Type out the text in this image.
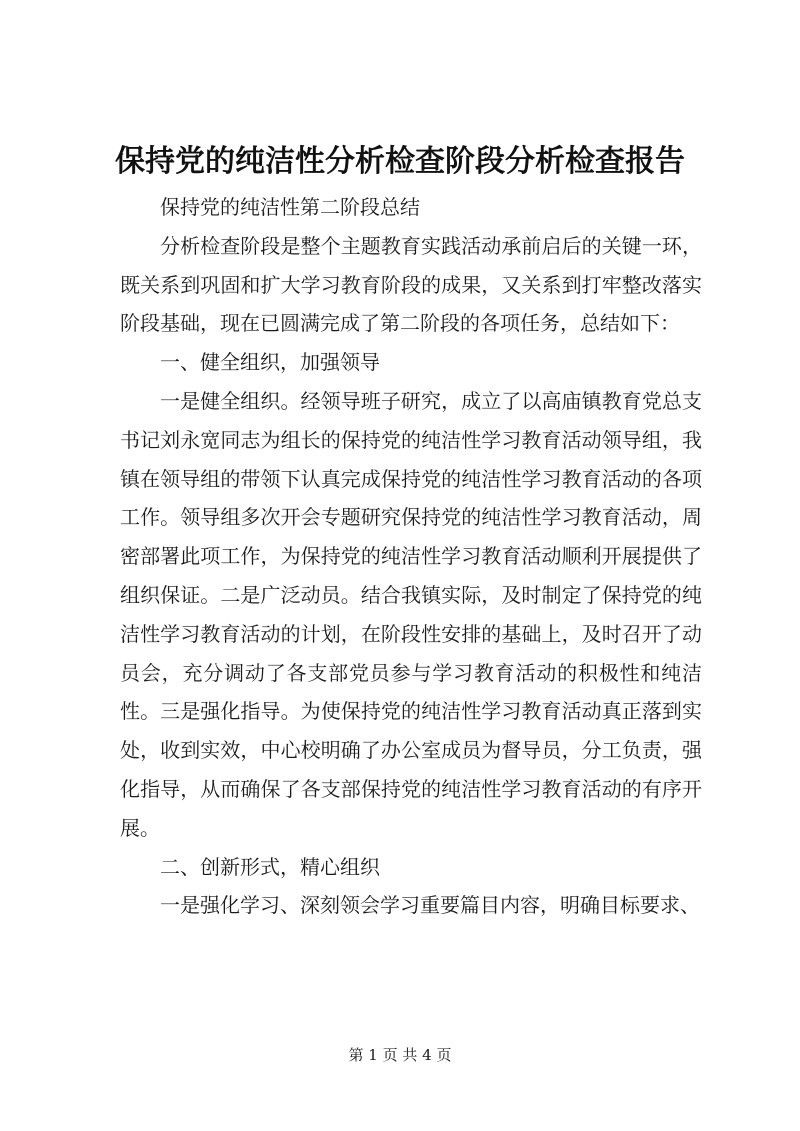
保持党的纯洁性分析检查阶段分析检查报告

保持党的纯洁性第二阶段总结

分析检查阶段是整个主题教育实践活动承前启后的关键一环，既关系到巩固和扩大学习教育阶段的成果，又关系到打牢整改落实阶段基础，现在已圆满完成了第二阶段的各项任务，总结如下：

一、健全组织，加强领导

一是健全组织。经领导班子研究，成立了以高庙镇教育党总支书记刘永宽同志为组长的保持党的纯洁性学习教育活动领导组，我镇在领导组的带领下认真完成保持党的纯洁性学习教育活动的各项工作。领导组多次开会专题研究保持党的纯洁性学习教育活动，周密部署此项工作，为保持党的纯洁性学习教育活动顺利开展提供了组织保证。二是广泛动员。结合我镇实际，及时制定了保持党的纯洁性学习教育活动的计划，在阶段性安排的基础上，及时召开了动员会，充分调动了各支部党员参与学习教育活动的积极性和纯洁性。三是强化指导。为使保持党的纯洁性学习教育活动真正落到实处，收到实效，中心校明确了办公室成员为督导员，分工负责，强化指导，从而确保了各支部保持党的纯洁性学习教育活动的有序开展。

二、创新形式，精心组织

一是强化学习、深刻领会学习重要篇目内容，明确目标要求、

第 1 页 共 4 页
